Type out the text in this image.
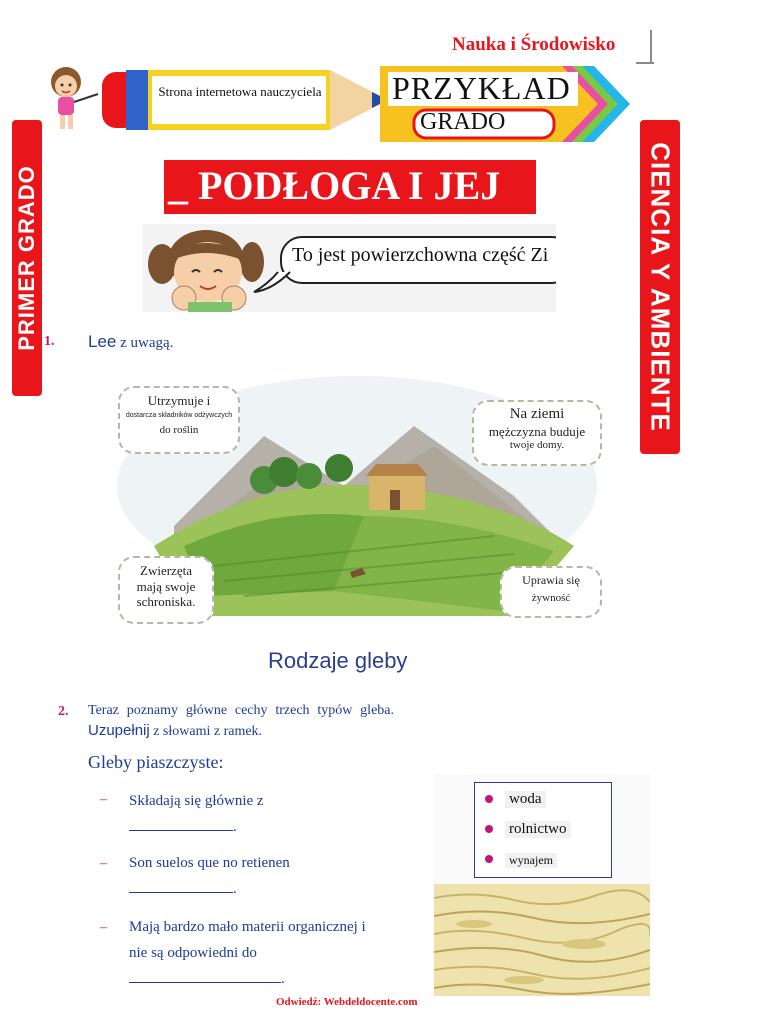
Nauka i Środowisko
Strona internetowa nauczyciela PRZYKŁAD
GRADO
PRIMER GRADO	CIENCIA Y AMBIENTE
_ PODŁOGA I JEJ
To jest powierzchowna część Zi
1. Lee z uwagą.
Utrzymuje i
dostarcza składników odżywczych
do roślin
Na ziemi
mężczyzna buduje
twoje domy.
Zwierzęta
mają swoje
schroniska.
Uprawia się
żywność
Rodzaje gleby
2. Teraz poznamy główne cechy trzech typów gleba. Uzupełnij z słowami z ramek.
Gleby piaszczyste:
– Składają się głównie z
.
– Son suelos que no retienen
.
– Mają bardzo mało materii organicznej i nie są odpowiedni do .
woda
rolnictwo
wynajem
Odwiedź: Webdeldocente.com
